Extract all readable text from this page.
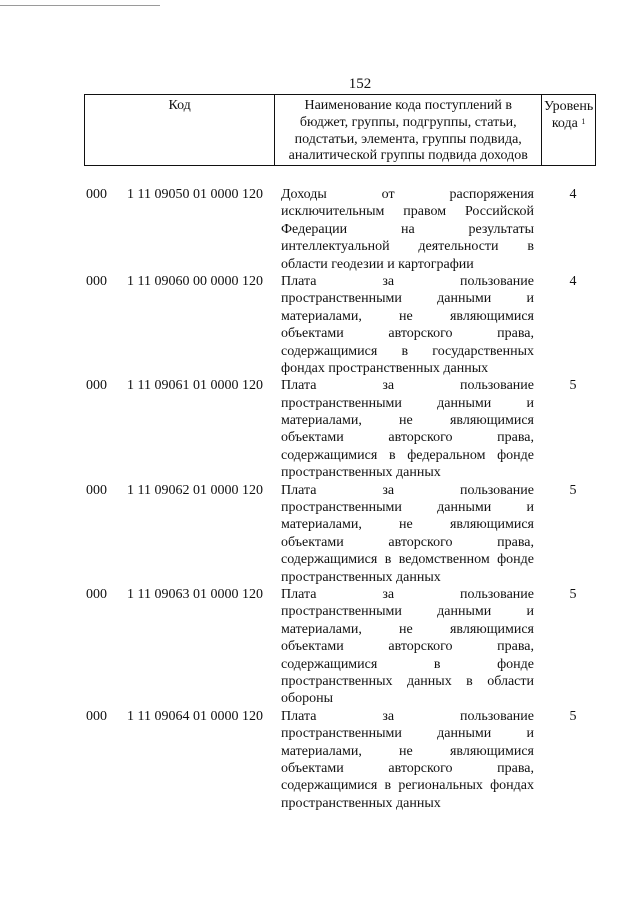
152
Код	Наименование кода поступлений в
бюджет, группы, подгруппы, статьи,
подстатьи, элемента, группы подвида,
аналитической группы подвида доходов
Уровень
кода $^1$
000 1 11 09050 01 0000 120 Доходы от распоряжения
исключительным правом Российской
Федерации на результаты
интеллектуальной деятельности в
области геодезии и картографии
4
000 1 11 09060 00 0000 120 Плата за пользование
пространственными данными и
материалами, не являющимися
объектами авторского права,
содержащимися в государственных
фондах пространственных данных
4
000 1 11 09061 01 0000 120 Плата за пользование
пространственными данными и
материалами, не являющимися
объектами авторского права,
содержащимися в федеральном фонде
пространственных данных
5
000 1 11 09062 01 0000 120 Плата за пользование
пространственными данными и
материалами, не являющимися
объектами авторского права,
содержащимися в ведомственном фонде
пространственных данных
5
000 1 11 09063 01 0000 120 Плата за пользование
пространственными данными и
материалами, не являющимися
объектами авторского права,
содержащимися в фонде
пространственных данных в области
обороны
5
000 1 11 09064 01 0000 120 Плата за пользование
пространственными данными и
материалами, не являющимися
объектами авторского права,
содержащимися в региональных фондах
пространственных данных
5
